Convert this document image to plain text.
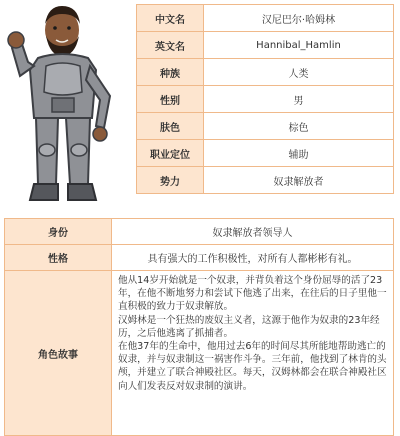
中文名	汉尼巴尔·哈姆林
英文名	Hannibal_Hamlin
种族	人类
性别	男
肤色	棕色
职业定位	辅助
势力	奴隶解放者
身份	奴隶解放者领导人
性格	具有强大的工作积极性，对所有人都彬彬有礼。
角色故事	他从14岁开始就是一个奴隶，并背负着这个身份屈辱的活了23年，在他不断地努力和尝试下他逃了出来，在往后的日子里他一直积极的致力于奴隶解放。

汉姆林是一个狂热的废奴主义者，这源于他作为奴隶的23年经历，之后他逃离了抓捕者。

在他37年的生命中，他用过去6年的时间尽其所能地帮助逃亡的奴隶，并与奴隶制这一祸害作斗争。三年前，他找到了林肯的头颅，并建立了联合神殿社区。每天，汉姆林都会在联合神殿社区向人们发表反对奴隶制的演讲。
